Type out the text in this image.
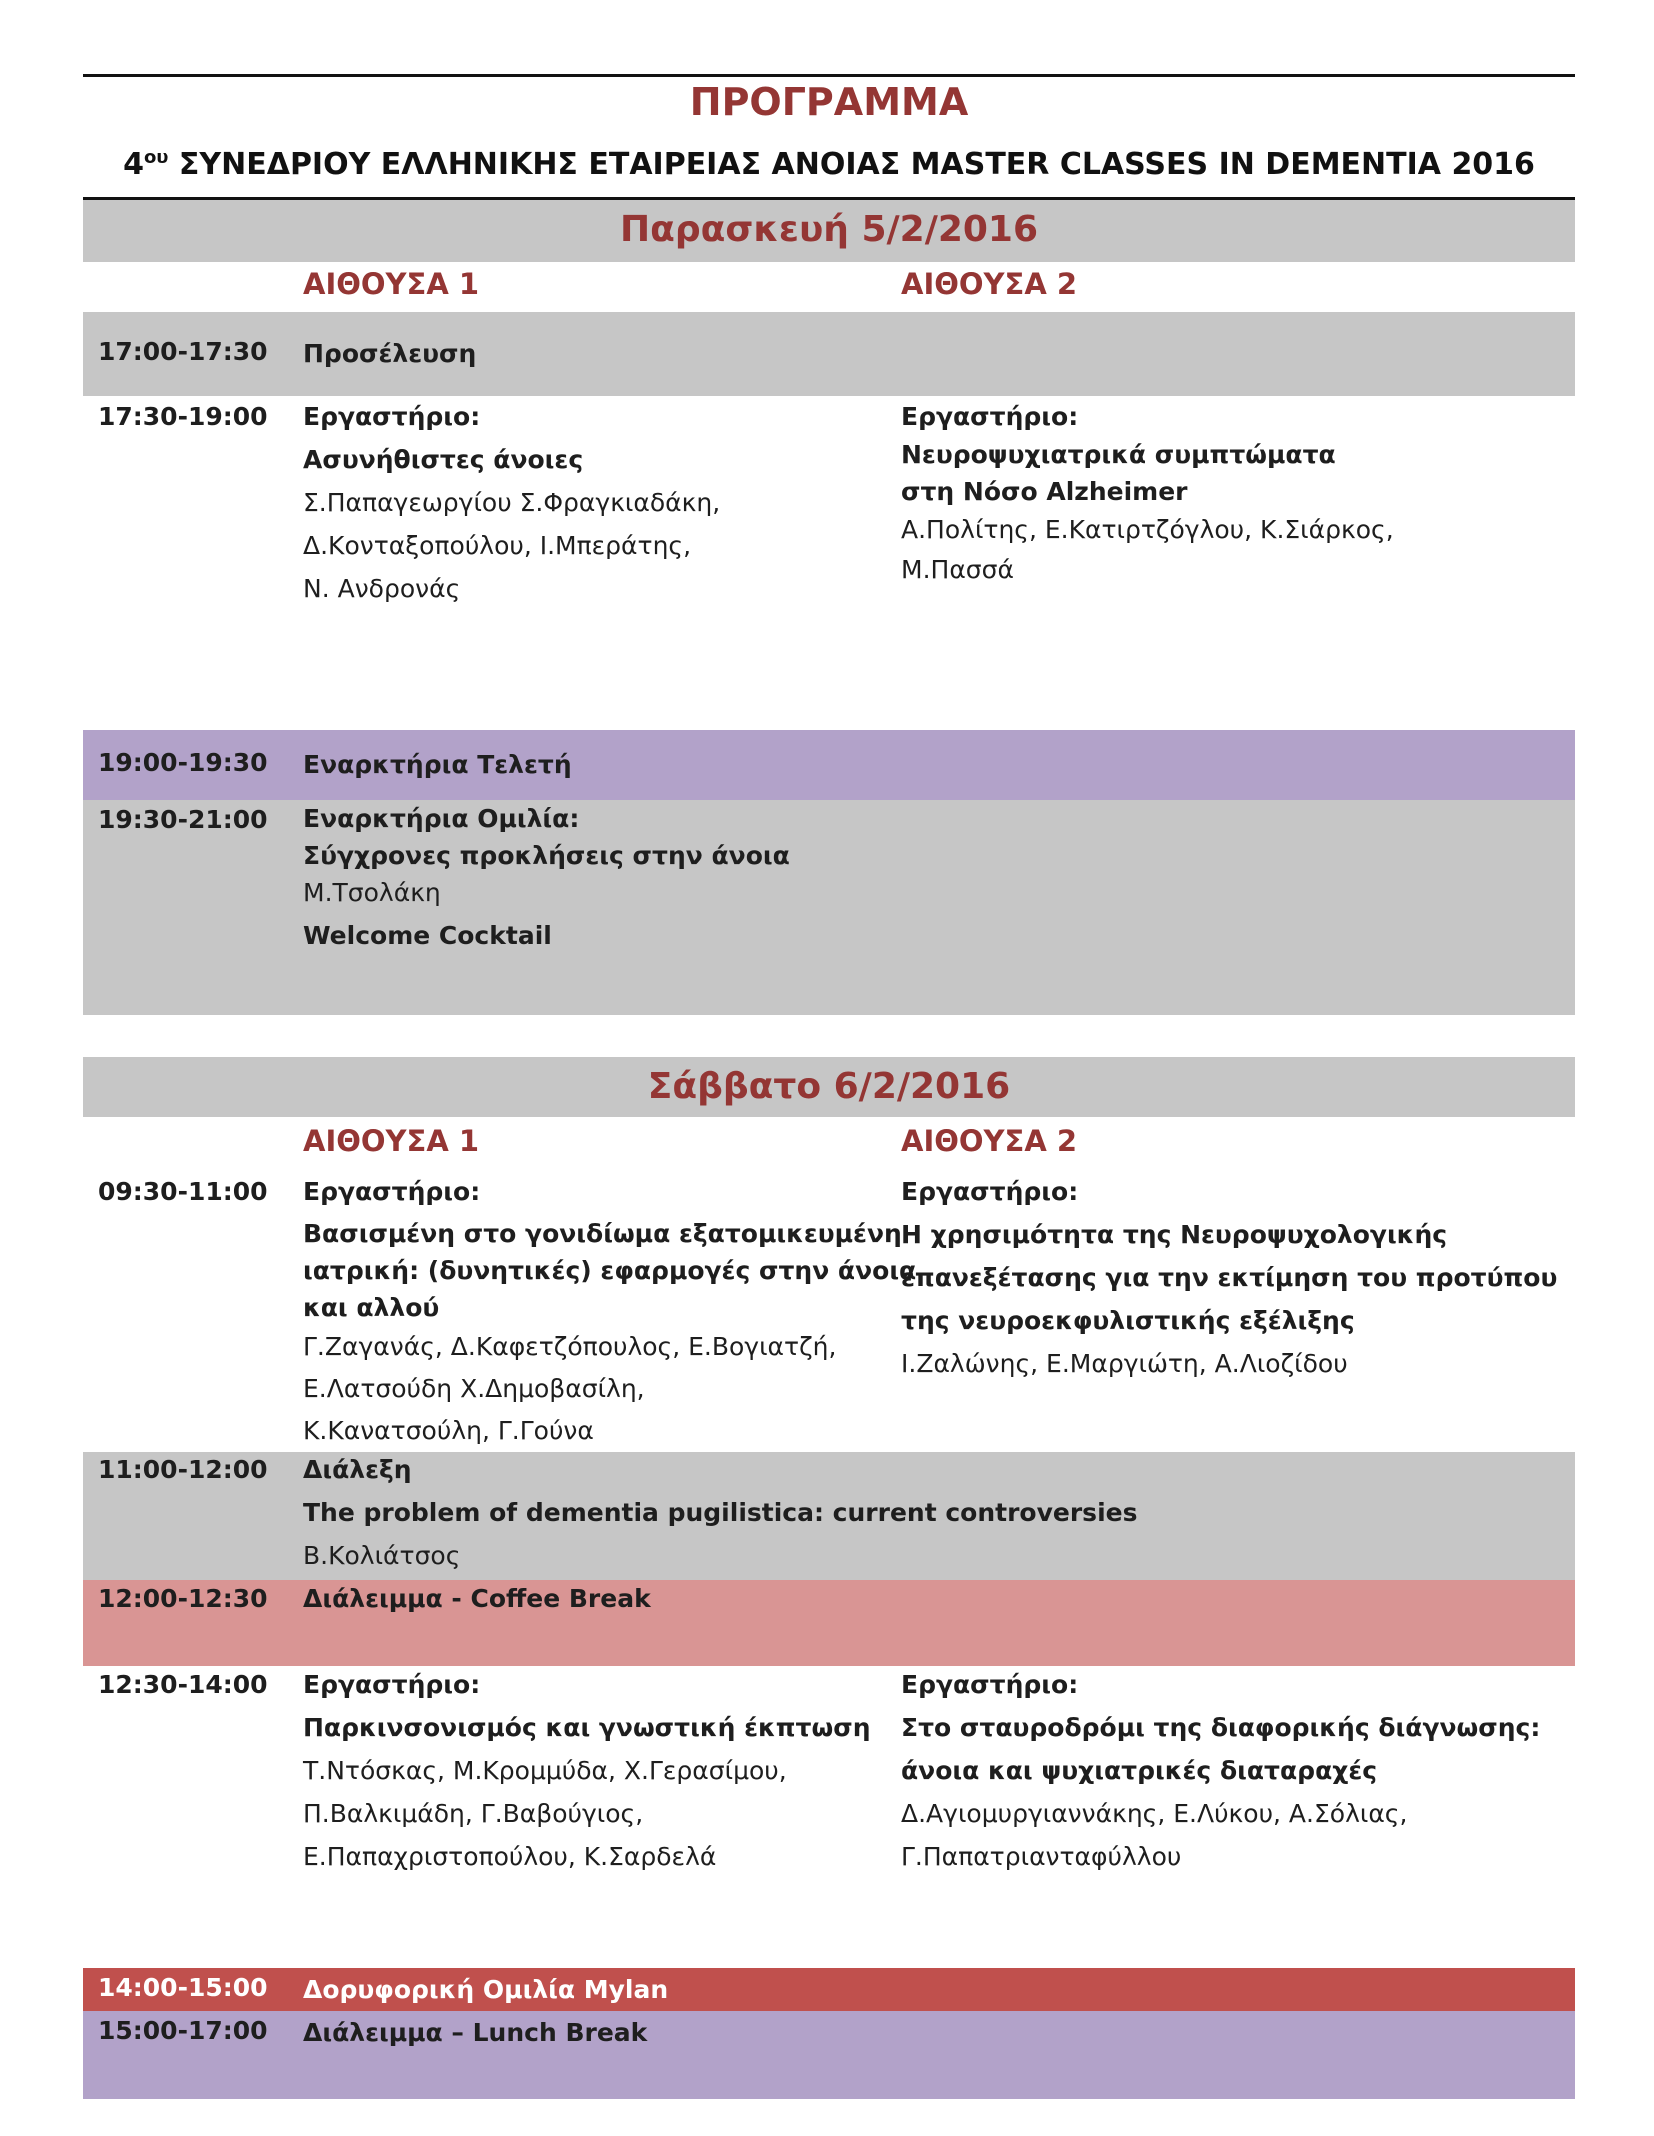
ΠΡΟΓΡΑΜΜΑ
$4^{o\upsilon}$ ΣΥΝΕΔΡΙΟΥ ΕΛΛΗΝΙΚΗΣ ΕΤΑΙΡΕΙΑΣ ΑΝΟΙΑΣ MASTER CLASSES IN DEMENTIA 2016
Παρασκευή 5/2/2016
ΑΙΘΟΥΣΑ 1	ΑΙΘΟΥΣΑ 2
17:00-17:30 Προσέλευση
17:30-19:00 Εργαστήριο:
Ασυνήθιστες άνοιες
Σ.Παπαγεωργίου Σ.Φραγκιαδάκη,
Δ.Κονταξοπούλου, Ι.Μπεράτης,
Ν. Ανδρονάς
Εργαστήριο:
Νευροψυχιατρικά συμπτώματα
στη Νόσο Alzheimer
Α.Πολίτης, Ε.Κατιρτζόγλου, Κ.Σιάρκος,
Μ.Πασσά
19:00-19:30 Εναρκτήρια Τελετή
19:30-21:00 Εναρκτήρια Ομιλία:
Σύγχρονες προκλήσεις στην άνοια
Μ.Τσολάκη
Welcome Cocktail
Σάββατο 6/2/2016
ΑΙΘΟΥΣΑ 1	ΑΙΘΟΥΣΑ 2
09:30-11:00 Εργαστήριο:
Βασισμένη στο γονιδίωμα εξατομικευμένη
ιατρική: (δυνητικές) εφαρμογές στην άνοια
και αλλού
Γ.Ζαγανάς, Δ.Καφετζόπουλος, Ε.Βογιατζή,
Ε.Λατσούδη Χ.Δημοβασίλη,
Κ.Κανατσούλη, Γ.Γούνα
Εργαστήριο:
Η χρησιμότητα της Νευροψυχολογικής
επανεξέτασης για την εκτίμηση του προτύπου
της νευροεκφυλιστικής εξέλιξης
Ι.Ζαλώνης, Ε.Μαργιώτη, Α.Λιοζίδου
11:00-12:00 Διάλεξη
The problem of dementia pugilistica: current controversies
Β.Κολιάτσος
12:00-12:30 Διάλειμμα - Coffee Break
12:30-14:00 Εργαστήριο:
Παρκινσονισμός και γνωστική έκπτωση
Τ.Ντόσκας, Μ.Κρομμύδα, Χ.Γερασίμου,
Π.Βαλκιμάδη, Γ.Βαβούγιος,
Ε.Παπαχριστοπούλου, Κ.Σαρδελά
Εργαστήριο:
Στο σταυροδρόμι της διαφορικής διάγνωσης:
άνοια και ψυχιατρικές διαταραχές
Δ.Αγιομυργιαννάκης, Ε.Λύκου, Α.Σόλιας,
Γ.Παπατριανταφύλλου
14:00-15:00 Δορυφορική Ομιλία Mylan
15:00-17:00 Διάλειμμα – Lunch Break
